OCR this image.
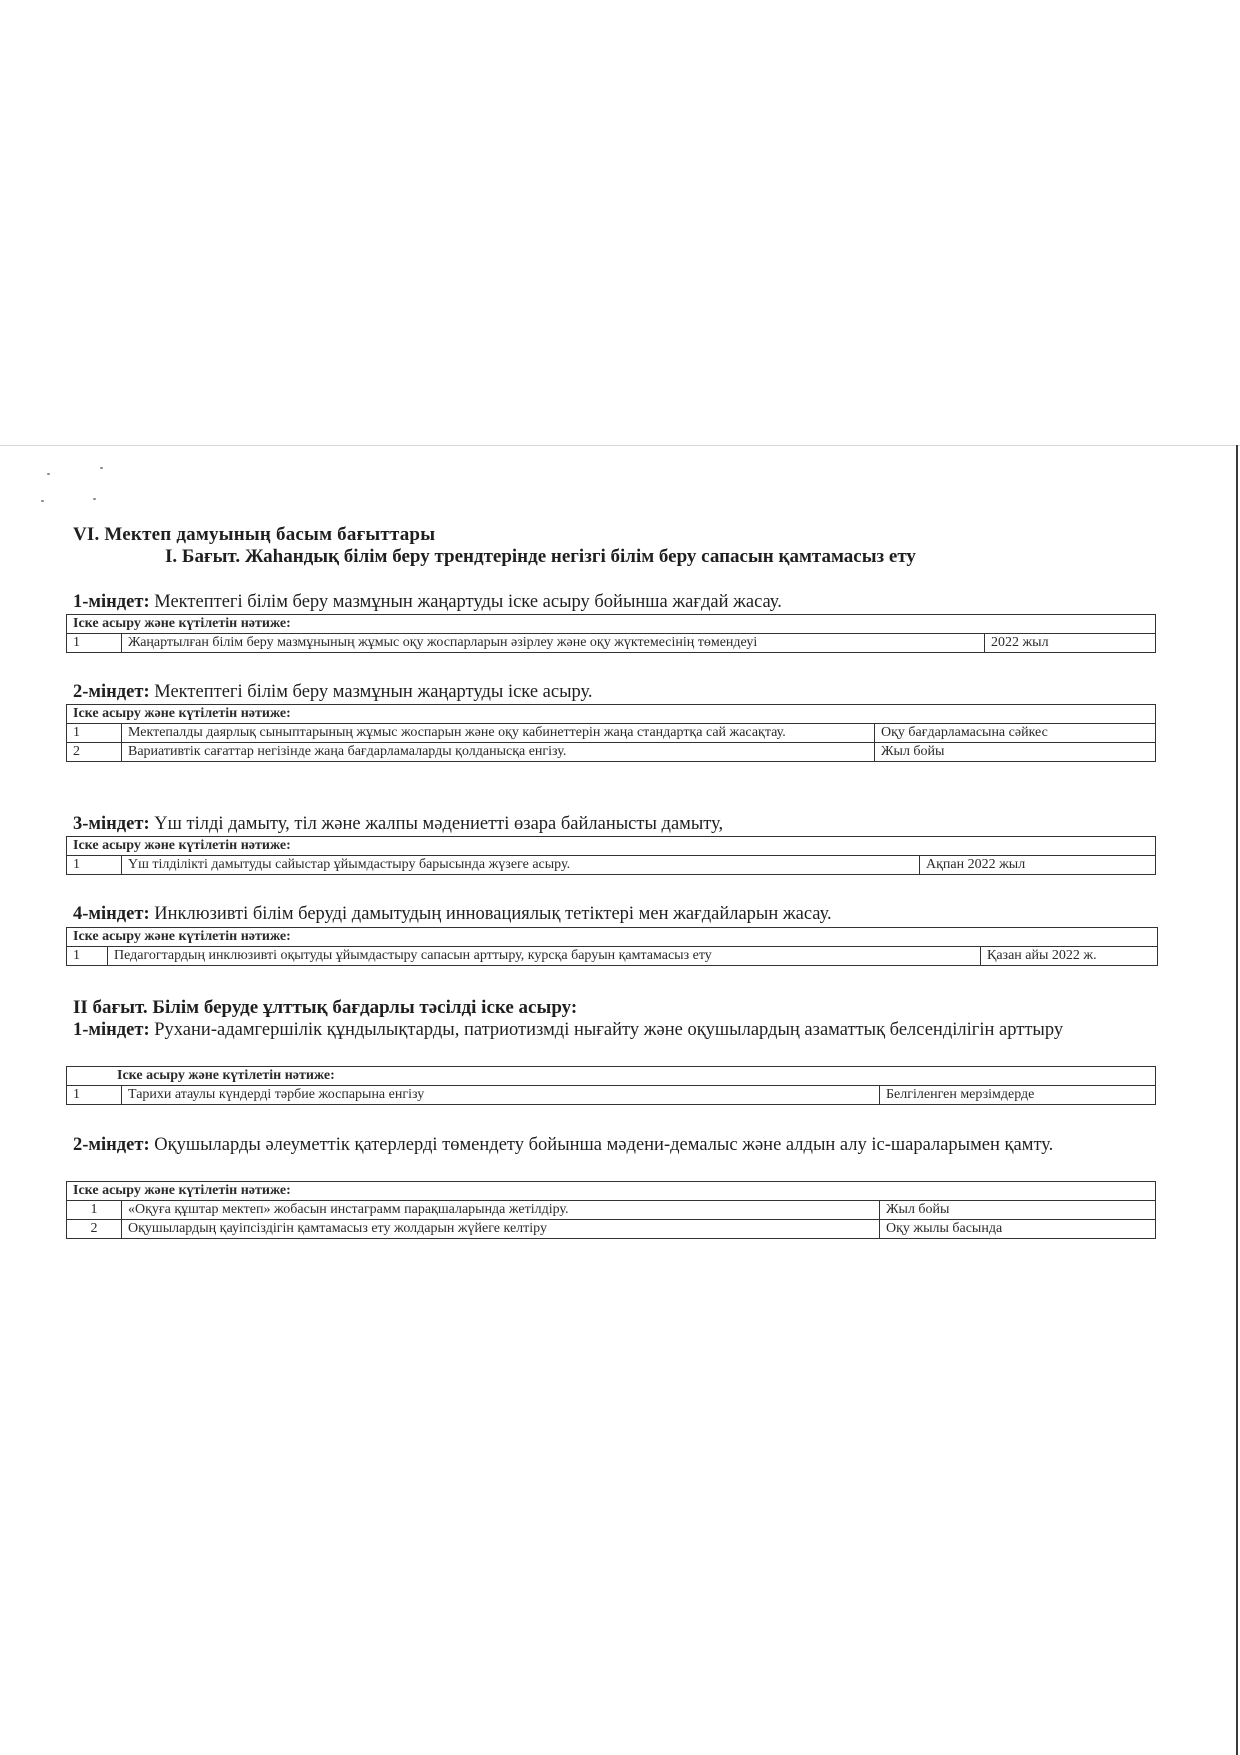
VI. Мектеп дамуының басым бағыттары
I. Бағыт. Жаһандық білім беру трендтерінде негізгі білім беру сапасын қамтамасыз ету
1-міндет: Мектептегі білім беру мазмұнын жаңартуды іске асыру бойынша жағдай жасау.
Іске асыру және күтілетін нәтиже:
1	Жаңартылған білім беру мазмұнының жұмыс оқу жоспарларын әзірлеу және оқу жүктемесінің төмендеуі	2022 жыл
2-міндет: Мектептегі білім беру мазмұнын жаңартуды іске асыру.
Іске асыру және күтілетін нәтиже:		
1	Мектепалды даярлық сыныптарының жұмыс жоспарын және оқу кабинеттерін жаңа стандартқа сай жасақтау.	Оқу бағдарламасына сәйкес
2	Вариативтік сағаттар негізінде жаңа бағдарламаларды қолданысқа енгізу.	Жыл бойы
3-міндет: Үш тілді дамыту, тіл және жалпы мәдениетті өзара байланысты дамыту,
Іске асыру және күтілетін нәтиже:
1	Үш тілділікті дамытуды сайыстар ұйымдастыру барысында жүзеге асыру.	Ақпан 2022 жыл
4-міндет: Инклюзивті білім беруді дамытудың инновациялық тетіктері мен жағдайларын жасау.
Іске асыру және күтілетін нәтиже:
1	Педагогтардың инклюзивті оқытуды ұйымдастыру сапасын арттыру, курсқа баруын қамтамасыз ету	Қазан айы 2022 ж.
II бағыт. Білім беруде ұлттық бағдарлы тәсілді іске асыру:
1-міндет: Рухани-адамгершілік құндылықтарды, патриотизмді нығайту және оқушылардың азаматтық белсенділігін арттыру
Іске асыру және күтілетін нәтиже:
1	Тарихи атаулы күндерді тәрбие жоспарына енгізу	Белгіленген мерзімдерде
2-міндет: Оқушыларды әлеуметтік қатерлерді төмендету бойынша мәдени-демалыс және алдын алу іс-шараларымен қамту.
Іске асыру және күтілетін нәтиже:		
1	«Оқуға құштар мектеп» жобасын инстаграмм парақшаларында жетілдіру.	Жыл бойы
2	Оқушылардың қауіпсіздігін қамтамасыз ету жолдарын жүйеге келтіру	Оқу жылы басында
